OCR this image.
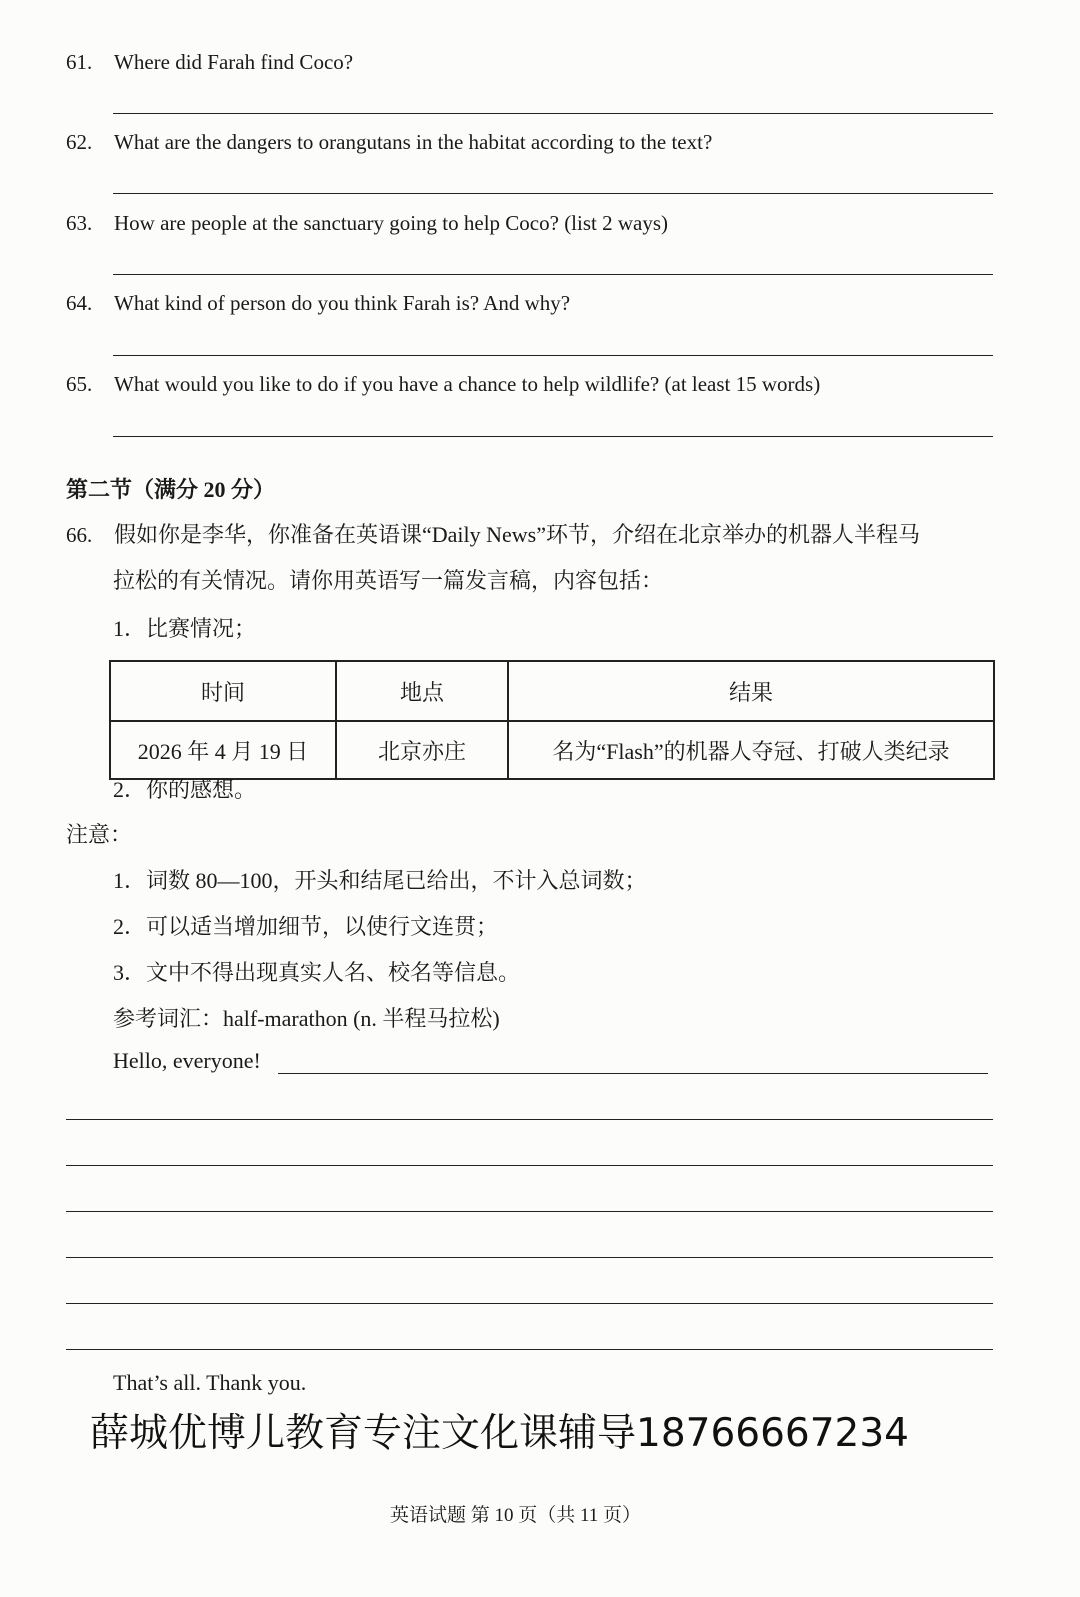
61. Where did Farah find Coco?
62. What are the dangers to orangutans in the habitat according to the text?
63. How are people at the sanctuary going to help Coco? (list 2 ways)
64. What kind of person do you think Farah is? And why?
65. What would you like to do if you have a chance to help wildlife? (at least 15 words)
第二节（满分 20 分）
66. 假如你是李华，你准备在英语课“Daily News”环节，介绍在北京举办的机器人半程马
拉松的有关情况。请你用英语写一篇发言稿，内容包括：
1．比赛情况；
时间	地点	结果
2026 年 4 月 19 日	北京亦庄	名为“Flash”的机器人夺冠、打破人类纪录
2．你的感想。
注意：
1．词数 80—100，开头和结尾已给出，不计入总词数；
2．可以适当增加细节，以使行文连贯；
3．文中不得出现真实人名、校名等信息。
参考词汇：half-marathon (n. 半程马拉松)
Hello, everyone!
That’s all. Thank you.
薛城优博儿教育专注文化课辅导18766667234
英语试题 第 10 页（共 11 页）
